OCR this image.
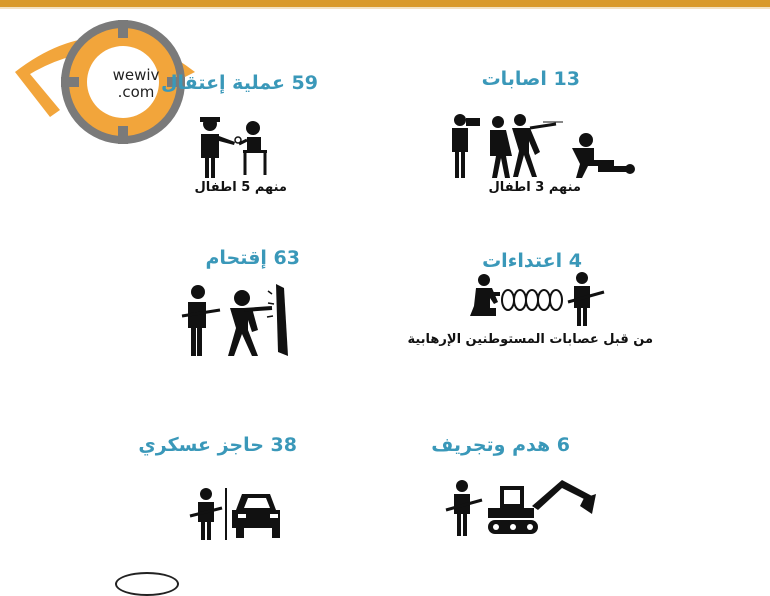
wewiv
.com 59 عملية إعتقال
منهم 5 اطفال
13 اصابات
منهم 3 اطفال
63 إقتحام	4 اعتداءات
من قبل عصابات المستوطنين الإرهابية
38 حاجز عسكري	6 هدم وتجريف
